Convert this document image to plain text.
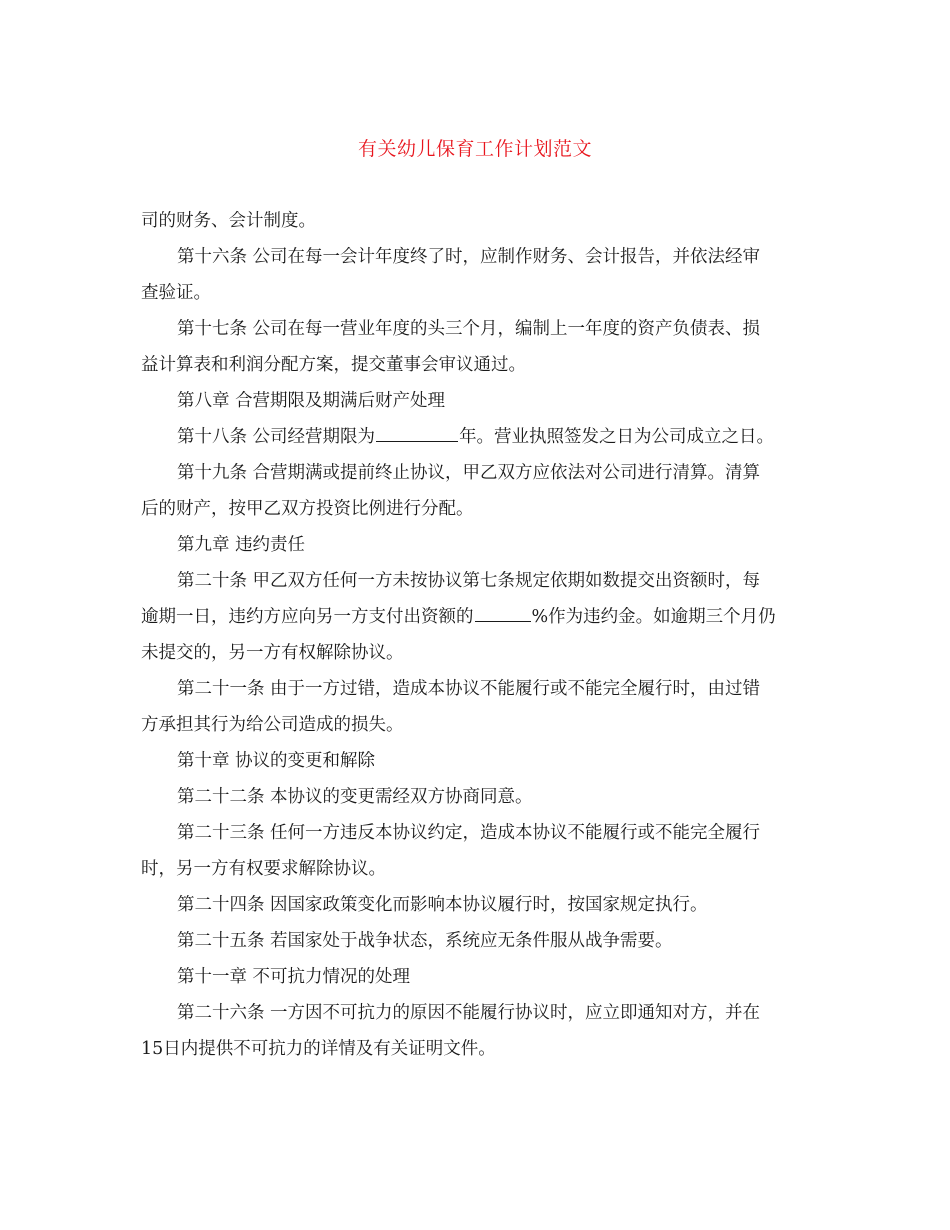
有关幼儿保育工作计划范文
司的财务、会计制度。
第十六条 公司在每一会计年度终了时，应制作财务、会计报告，并依法经审
查验证。
第十七条 公司在每一营业年度的头三个月，编制上一年度的资产负债表、损
益计算表和利润分配方案，提交董事会审议通过。
第八章 合营期限及期满后财产处理
第十八条 公司经营期限为	年。营业执照签发之日为公司成立之日。
第十九条 合营期满或提前终止协议，甲乙双方应依法对公司进行清算。清算
后的财产，按甲乙双方投资比例进行分配。
第九章 违约责任
第二十条 甲乙双方任何一方未按协议第七条规定依期如数提交出资额时，每
逾期一日，违约方应向另一方支付出资额的	%作为违约金。如逾期三个月仍
未提交的，另一方有权解除协议。
第二十一条 由于一方过错，造成本协议不能履行或不能完全履行时，由过错
方承担其行为给公司造成的损失。
第十章 协议的变更和解除
第二十二条 本协议的变更需经双方协商同意。
第二十三条 任何一方违反本协议约定，造成本协议不能履行或不能完全履行
时，另一方有权要求解除协议。
第二十四条 因国家政策变化而影响本协议履行时，按国家规定执行。
第二十五条 若国家处于战争状态，系统应无条件服从战争需要。
第十一章 不可抗力情况的处理
第二十六条 一方因不可抗力的原因不能履行协议时，应立即通知对方，并在
15日内提供不可抗力的详情及有关证明文件。
